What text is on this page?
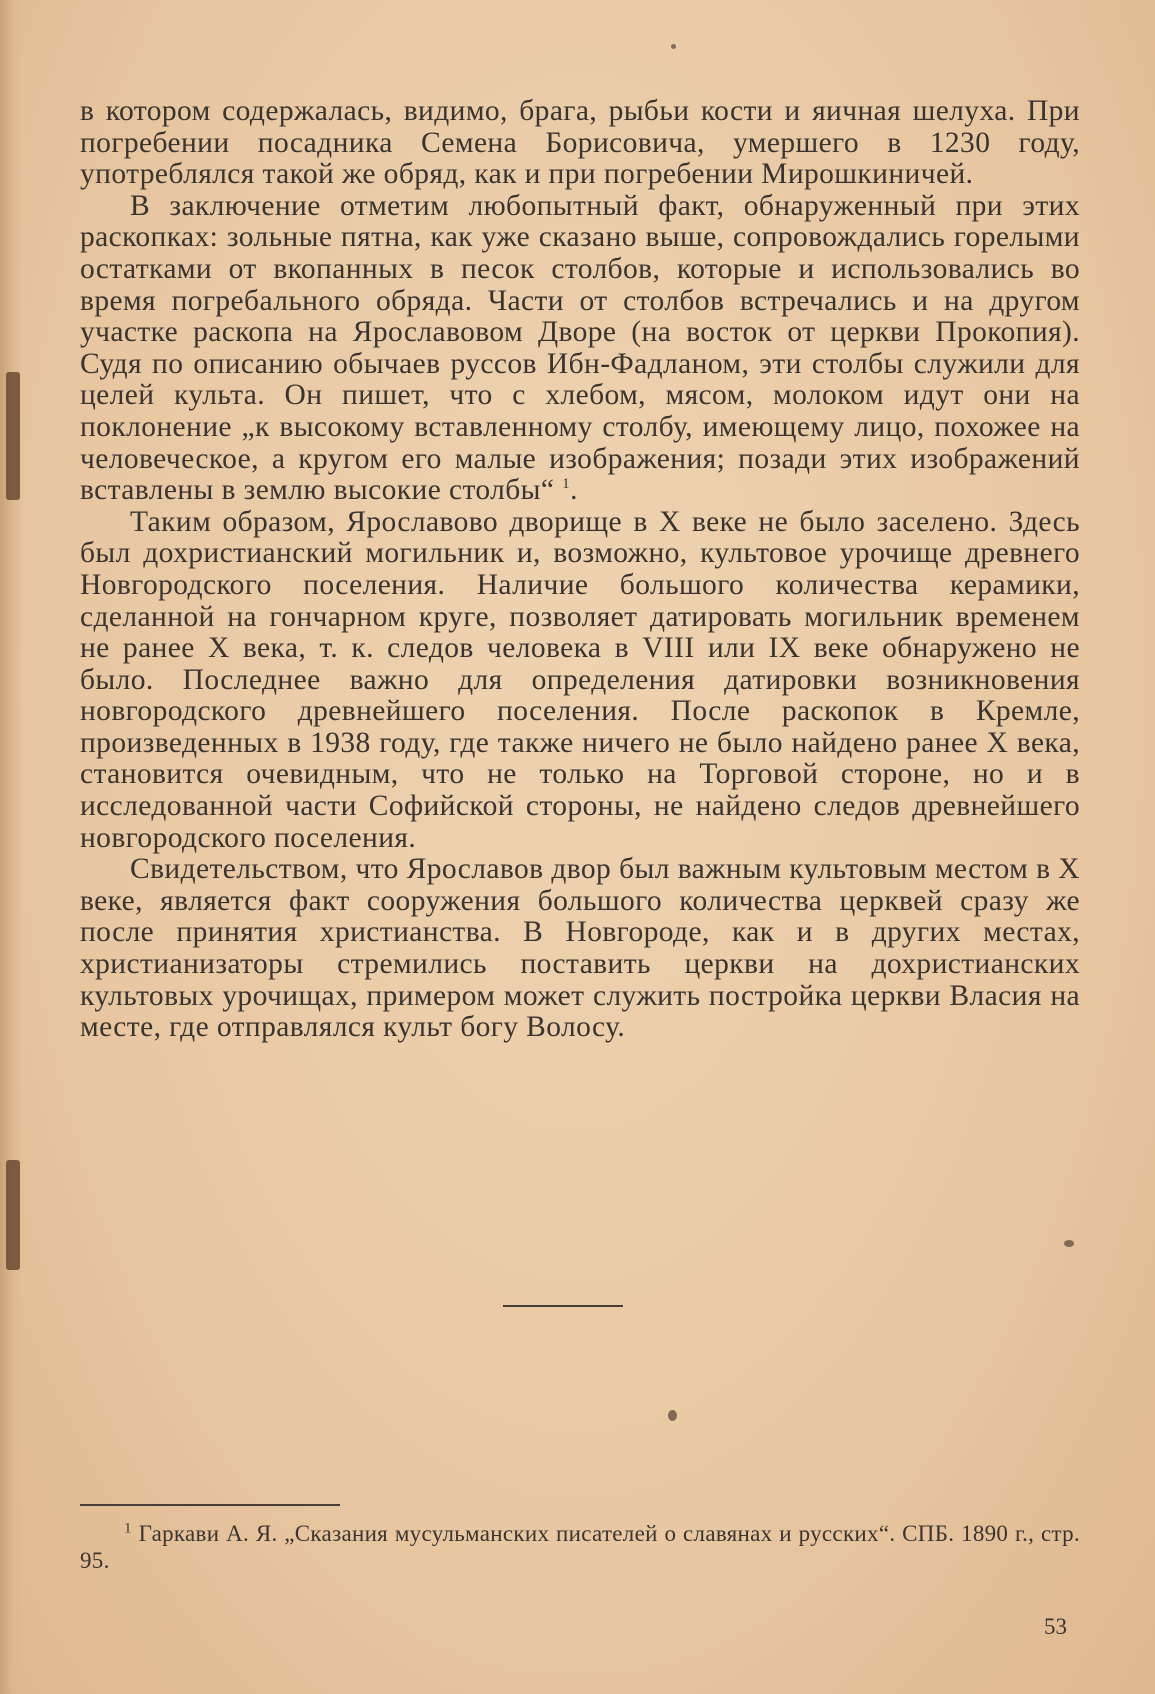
в котором содержалась, видимо, брага, рыбьи кости и яичная шелуха. При погребении посадника Семена Борисовича, умершего в 1230 году, употреблялся такой же обряд, как и при погребении Мирошкиничей.

В заключение отметим любопытный факт, обнаруженный при этих раскопках: зольные пятна, как уже сказано выше, сопровождались горелыми остатками от вкопанных в песок столбов, которые и использовались во время погребального обряда. Части от столбов встречались и на другом участке раскопа на Ярославовом Дворе (на восток от церкви Прокопия). Судя по описанию обычаев руссов Ибн-Фадланом, эти столбы служили для целей культа. Он пишет, что с хлебом, мясом, молоком идут они на поклонение „к высокому вставленному столбу, имеющему лицо, похожее на человеческое, а кругом его малые изображения; позади этих изображений вставлены в землю высокие столбы“ $^1$.

Таким образом, Ярославово дворище в X веке не было заселено. Здесь был дохристианский могильник и, возможно, культовое урочище древнего Новгородского поселения. Наличие большого количества керамики, сделанной на гончарном круге, позволяет датировать могильник временем не ранее X века, т. к. следов человека в VIII или IX веке обнаружено не было. Последнее важно для определения датировки возникновения новгородского древнейшего поселения. После раскопок в Кремле, произведенных в 1938 году, где также ничего не было найдено ранее X века, становится очевидным, что не только на Торговой стороне, но и в исследованной части Софийской стороны, не найдено следов древнейшего новгородского поселения.

Свидетельством, что Ярославов двор был важным культовым местом в X веке, является факт сооружения большого количества церквей сразу же после принятия христианства. В Новгороде, как и в других местах, христианизаторы стремились поставить церкви на дохристианских культовых урочищах, примером может служить постройка церкви Власия на месте, где отправлялся культ богу Волосу.

$^1$ Гаркави А. Я. „Сказания мусульманских писателей о славянах и русских“. СПБ. 1890 г., стр. 95.

53
